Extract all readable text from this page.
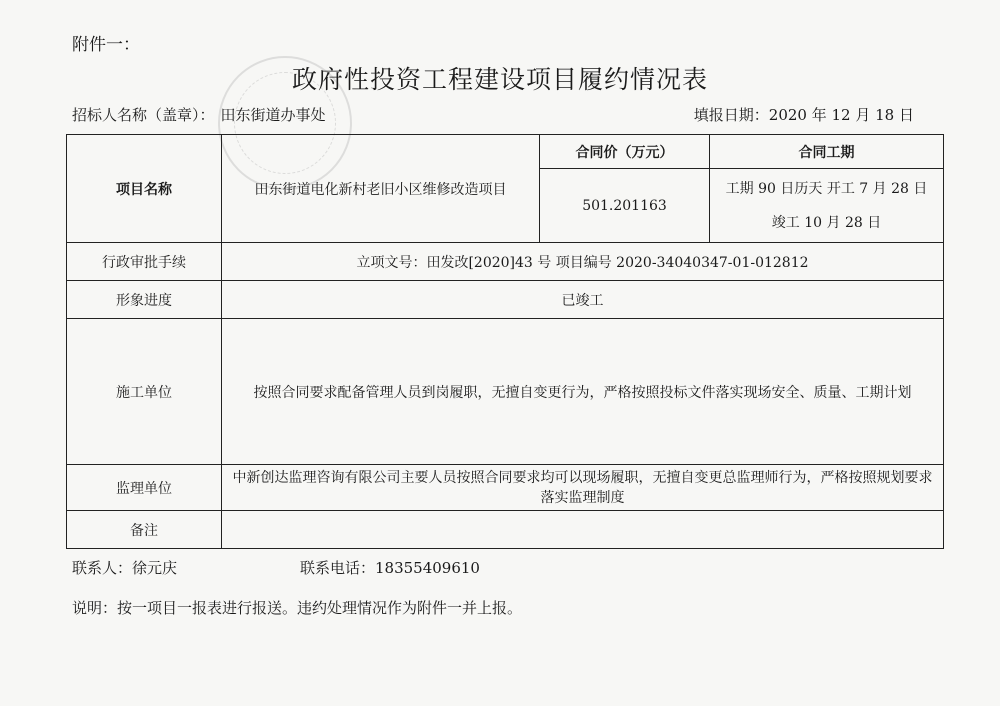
附件一：
政府性投资工程建设项目履约情况表
招标人名称（盖章）： 田东街道办事处	填报日期：2020 年 12 月 18 日
项目名称	田东街道电化新村老旧小区维修改造项目	合同价（万元）	合同工期
		501.201163	工期 90 日历天 开工 7 月 28 日 竣工 10 月 28 日
行政审批手续	立项文号：田发改[2020]43 号 项目编号 2020-34040347-01-012812		
形象进度	已竣工		
施工单位	按照合同要求配备管理人员到岗履职，无擅自变更行为，严格按照投标文件落实现场安全、质量、工期计划		
监理单位	中新创达监理咨询有限公司主要人员按照合同要求均可以现场履职，无擅自变更总监理师行为，严格按照规划要求落实监理制度		
备注			
联系人：徐元庆	联系电话：18355409610
说明：按一项目一报表进行报送。违约处理情况作为附件一并上报。
